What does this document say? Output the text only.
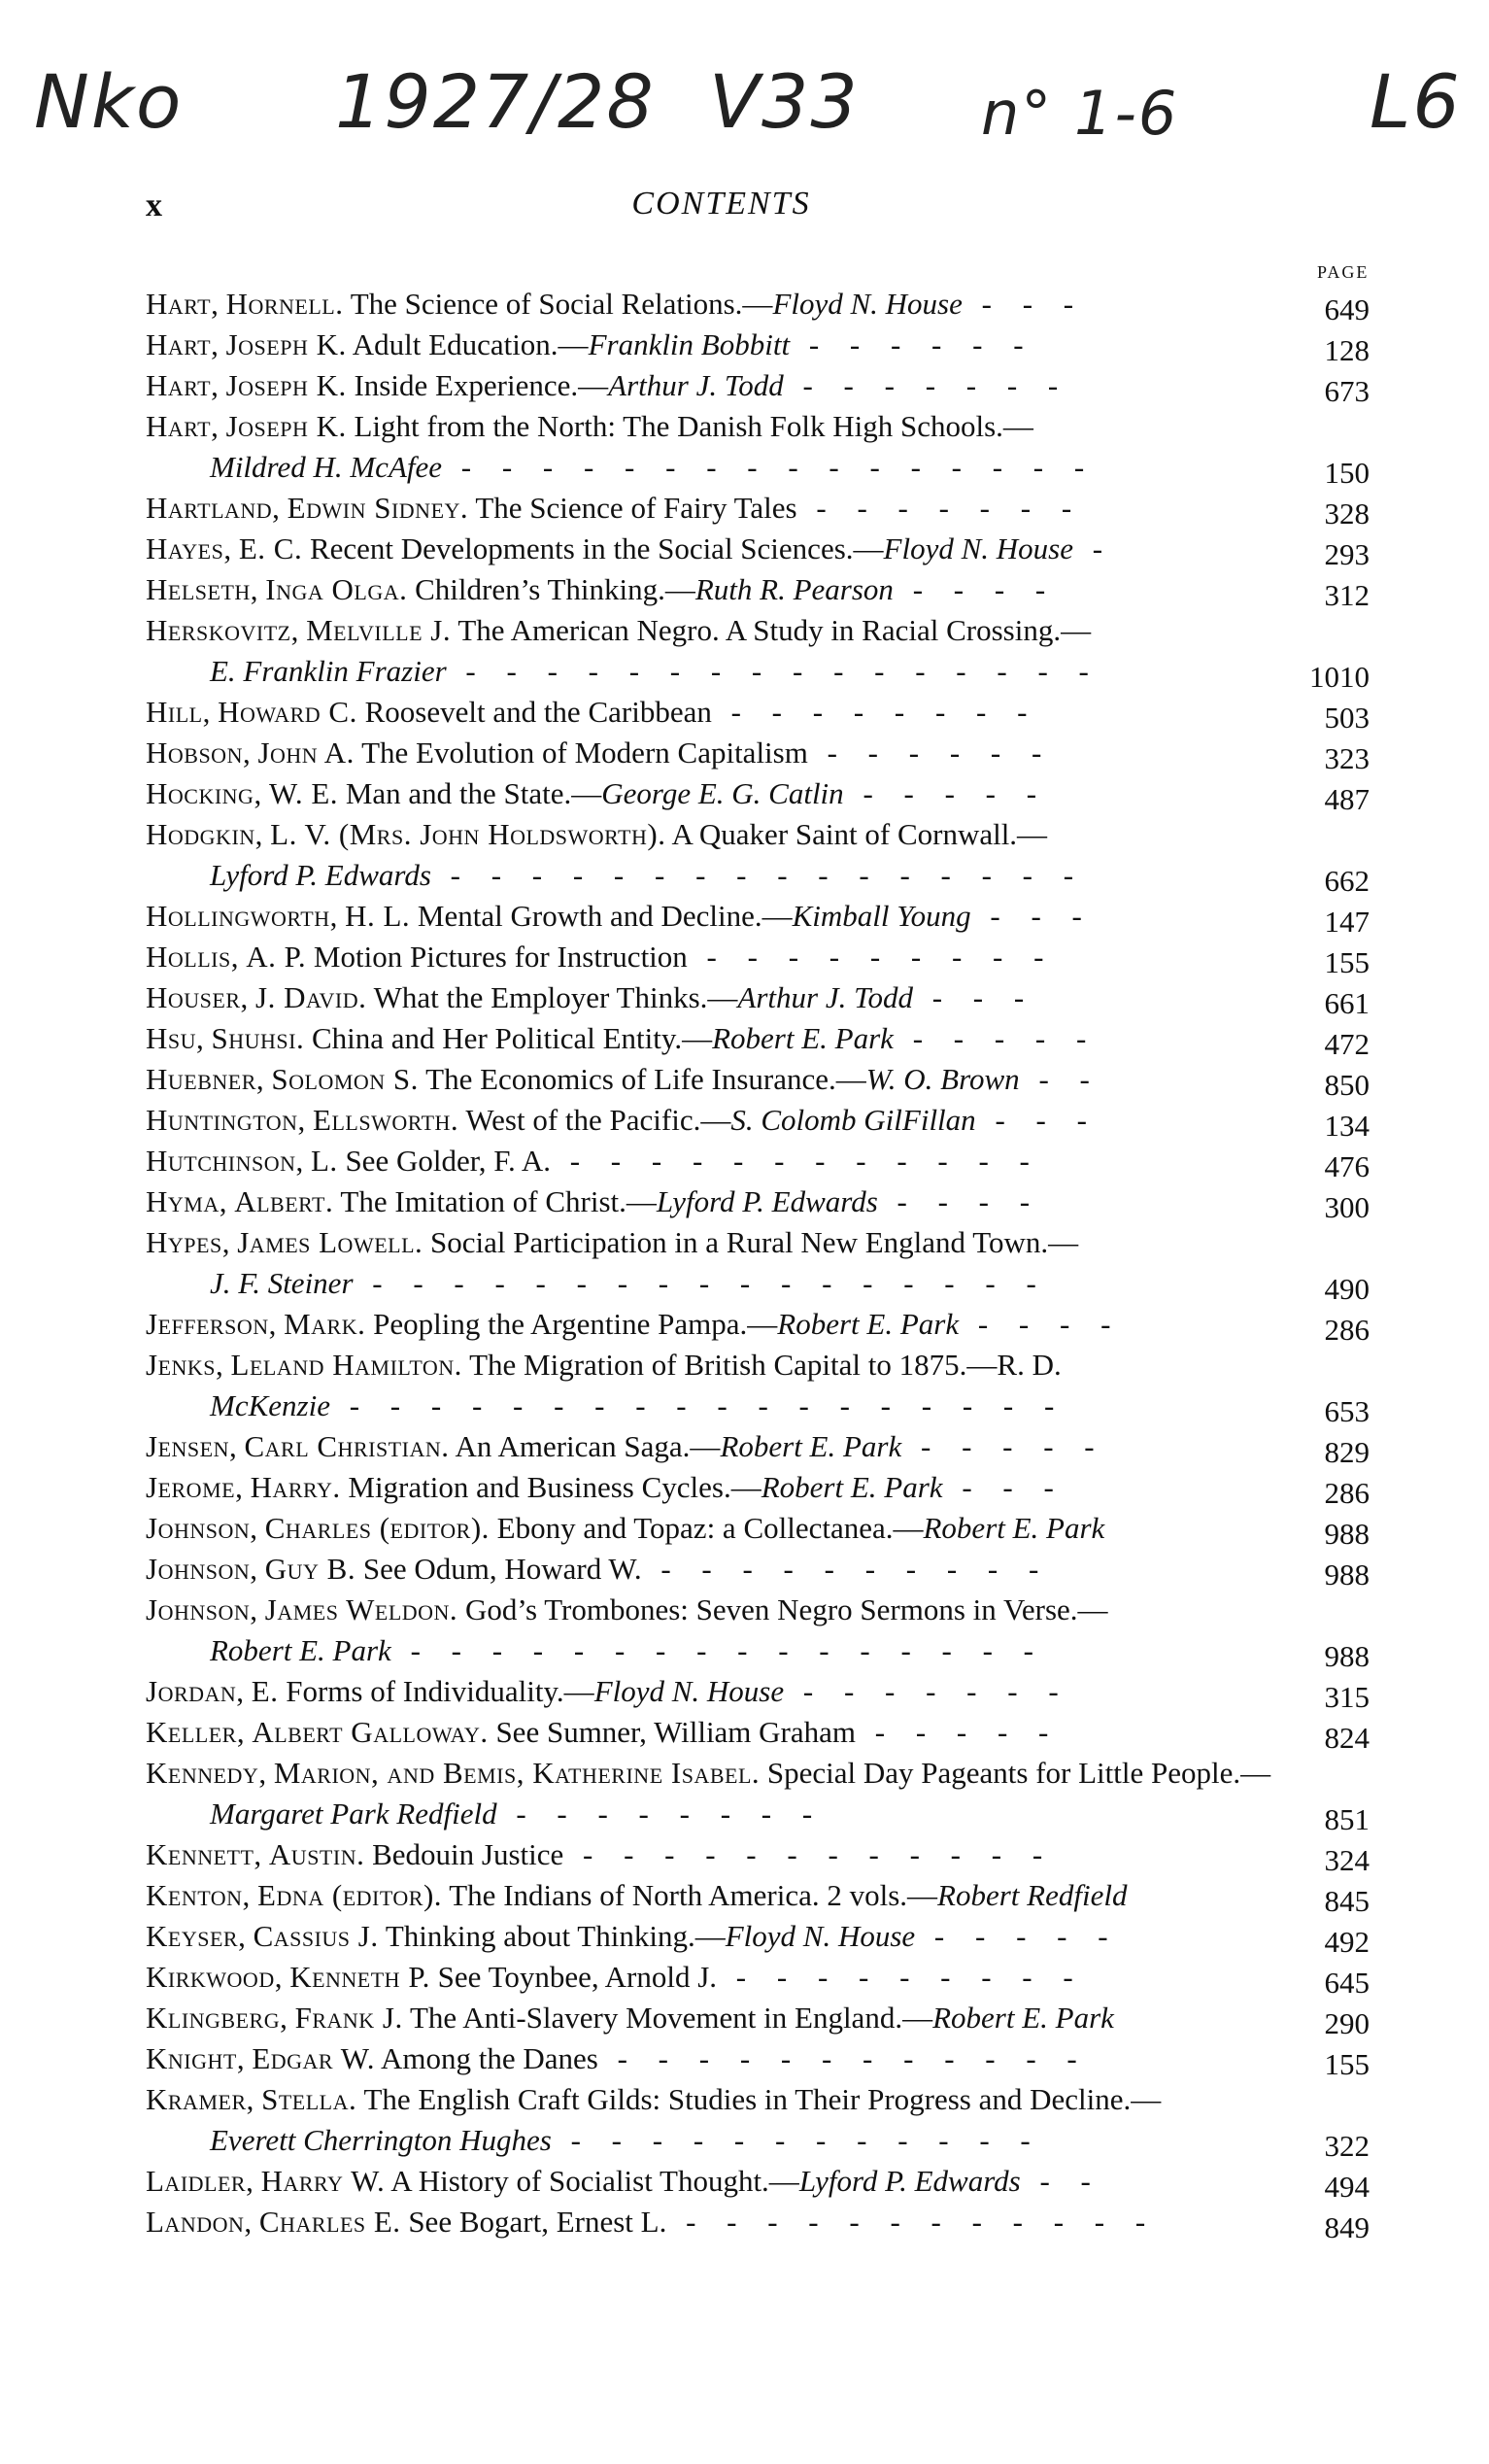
Nko 1927/28 V33 n° 1-6	L6
x	CONTENTS
PAGE
Hart, Hornell. The Science of Social Relations.—Floyd N. House - - -	649
Hart, Joseph K. Adult Education.—Franklin Bobbitt - - - - - -	128
Hart, Joseph K. Inside Experience.—Arthur J. Todd - - - - - - -	673
Hart, Joseph K. Light from the North: The Danish Folk High Schools.—
Mildred H. McAfee - - - - - - - - - - - - - - - -	150
Hartland, Edwin Sidney. The Science of Fairy Tales - - - - - - -	328
Hayes, E. C. Recent Developments in the Social Sciences.—Floyd N. House -	293
Helseth, Inga Olga. Children’s Thinking.—Ruth R. Pearson - - - -	312
Herskovitz, Melville J. The American Negro. A Study in Racial Crossing.—
E. Franklin Frazier - - - - - - - - - - - - - - - -	1010
Hill, Howard C. Roosevelt and the Caribbean - - - - - - - -	503
Hobson, John A. The Evolution of Modern Capitalism - - - - - -	323
Hocking, W. E. Man and the State.—George E. G. Catlin - - - - -	487
Hodgkin, L. V. (Mrs. John Holdsworth). A Quaker Saint of Cornwall.—
Lyford P. Edwards - - - - - - - - - - - - - - - -	662
Hollingworth, H. L. Mental Growth and Decline.—Kimball Young - - -	147
Hollis, A. P. Motion Pictures for Instruction - - - - - - - - -	155
Houser, J. David. What the Employer Thinks.—Arthur J. Todd - - -	661
Hsu, Shuhsi. China and Her Political Entity.—Robert E. Park - - - - -	472
Huebner, Solomon S. The Economics of Life Insurance.—W. O. Brown - -	850
Huntington, Ellsworth. West of the Pacific.—S. Colomb GilFillan - - -	134
Hutchinson, L. See Golder, F. A. - - - - - - - - - - - -	476
Hyma, Albert. The Imitation of Christ.—Lyford P. Edwards - - - -	300
Hypes, James Lowell. Social Participation in a Rural New England Town.—
J. F. Steiner - - - - - - - - - - - - - - - - -	490
Jefferson, Mark. Peopling the Argentine Pampa.—Robert E. Park - - - -	286
Jenks, Leland Hamilton. The Migration of British Capital to 1875.—R. D.
McKenzie - - - - - - - - - - - - - - - - - -	653
Jensen, Carl Christian. An American Saga.—Robert E. Park - - - - -	829
Jerome, Harry. Migration and Business Cycles.—Robert E. Park - - -	286
Johnson, Charles (editor). Ebony and Topaz: a Collectanea.—Robert E. Park	988
Johnson, Guy B. See Odum, Howard W. - - - - - - - - - -	988
Johnson, James Weldon. God’s Trombones: Seven Negro Sermons in Verse.—
Robert E. Park - - - - - - - - - - - - - - - -	988
Jordan, E. Forms of Individuality.—Floyd N. House - - - - - - -	315
Keller, Albert Galloway. See Sumner, William Graham - - - - -	824
Kennedy, Marion, and Bemis, Katherine Isabel. Special Day Pageants for Little People.—
Margaret Park Redfield - - - - - - - -	851
Kennett, Austin. Bedouin Justice - - - - - - - - - - - -	324
Kenton, Edna (editor). The Indians of North America. 2 vols.—Robert Redfield	845
Keyser, Cassius J. Thinking about Thinking.—Floyd N. House - - - - -	492
Kirkwood, Kenneth P. See Toynbee, Arnold J. - - - - - - - - -	645
Klingberg, Frank J. The Anti-Slavery Movement in England.—Robert E. Park	290
Knight, Edgar W. Among the Danes - - - - - - - - - - - -	155
Kramer, Stella. The English Craft Gilds: Studies in Their Progress and Decline.—
Everett Cherrington Hughes - - - - - - - - - - - -	322
Laidler, Harry W. A History of Socialist Thought.—Lyford P. Edwards - -	494
Landon, Charles E. See Bogart, Ernest L. - - - - - - - - - - - -	849
